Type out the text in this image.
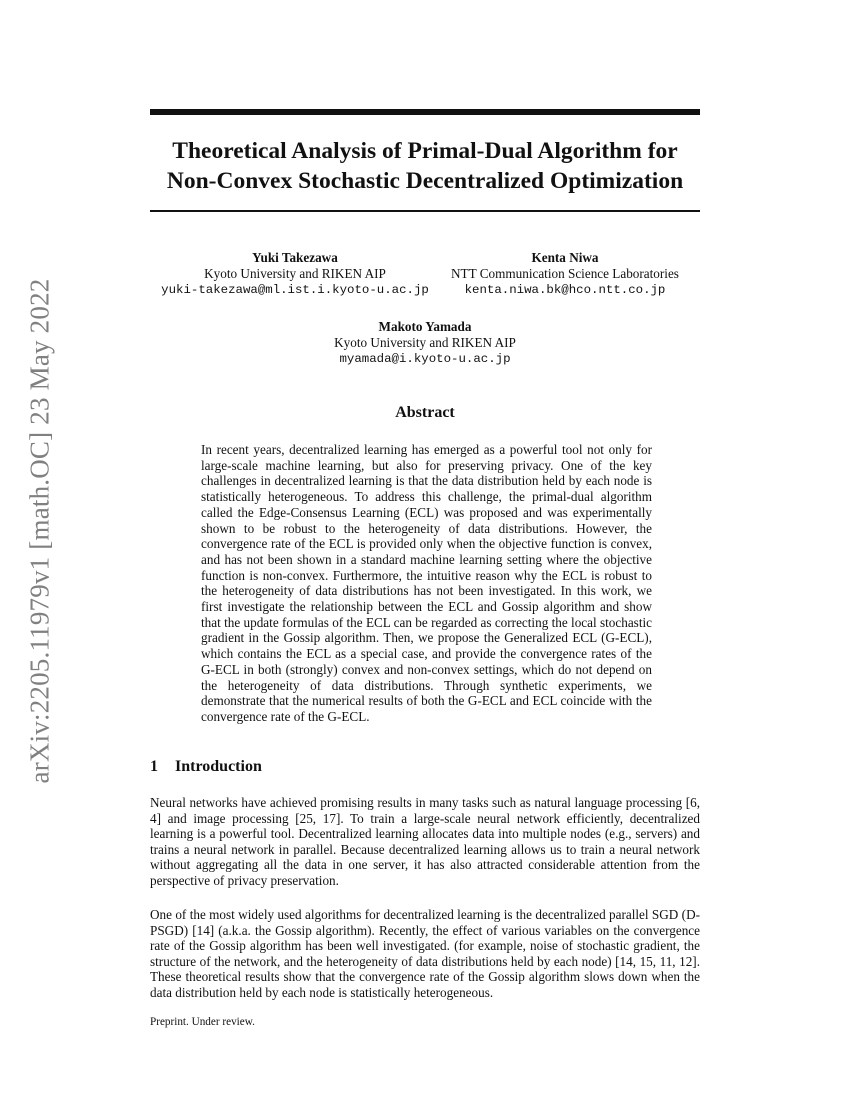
arXiv:2205.11979v1 [math.OC] 23 May 2022
Theoretical Analysis of Primal-Dual Algorithm for Non-Convex Stochastic Decentralized Optimization
Yuki Takezawa
Kyoto University and RIKEN AIP
yuki-takezawa@ml.ist.i.kyoto-u.ac.jp
Kenta Niwa
NTT Communication Science Laboratories
kenta.niwa.bk@hco.ntt.co.jp
Makoto Yamada
Kyoto University and RIKEN AIP
myamada@i.kyoto-u.ac.jp
Abstract

In recent years, decentralized learning has emerged as a powerful tool not only for large-scale machine learning, but also for preserving privacy. One of the key challenges in decentralized learning is that the data distribution held by each node is statistically heterogeneous. To address this challenge, the primal-dual algorithm called the Edge-Consensus Learning (ECL) was proposed and was experimentally shown to be robust to the heterogeneity of data distributions. However, the convergence rate of the ECL is provided only when the objective function is convex, and has not been shown in a standard machine learning setting where the objective function is non-convex. Furthermore, the intuitive reason why the ECL is robust to the heterogeneity of data distributions has not been investigated. In this work, we first investigate the relationship between the ECL and Gossip algorithm and show that the update formulas of the ECL can be regarded as correcting the local stochastic gradient in the Gossip algorithm. Then, we propose the Generalized ECL (G-ECL), which contains the ECL as a special case, and provide the convergence rates of the G-ECL in both (strongly) convex and non-convex settings, which do not depend on the heterogeneity of data distributions. Through synthetic experiments, we demonstrate that the numerical results of both the G-ECL and ECL coincide with the convergence rate of the G-ECL.

1 Introduction

Neural networks have achieved promising results in many tasks such as natural language processing [6, 4] and image processing [25, 17]. To train a large-scale neural network efficiently, decentralized learning is a powerful tool. Decentralized learning allocates data into multiple nodes (e.g., servers) and trains a neural network in parallel. Because decentralized learning allows us to train a neural network without aggregating all the data in one server, it has also attracted considerable attention from the perspective of privacy preservation.

One of the most widely used algorithms for decentralized learning is the decentralized parallel SGD (D-PSGD) [14] (a.k.a. the Gossip algorithm). Recently, the effect of various variables on the convergence rate of the Gossip algorithm has been well investigated. (for example, noise of stochastic gradient, the structure of the network, and the heterogeneity of data distributions held by each node) [14, 15, 11, 12]. These theoretical results show that the convergence rate of the Gossip algorithm slows down when the data distribution held by each node is statistically heterogeneous.

Preprint. Under review.
